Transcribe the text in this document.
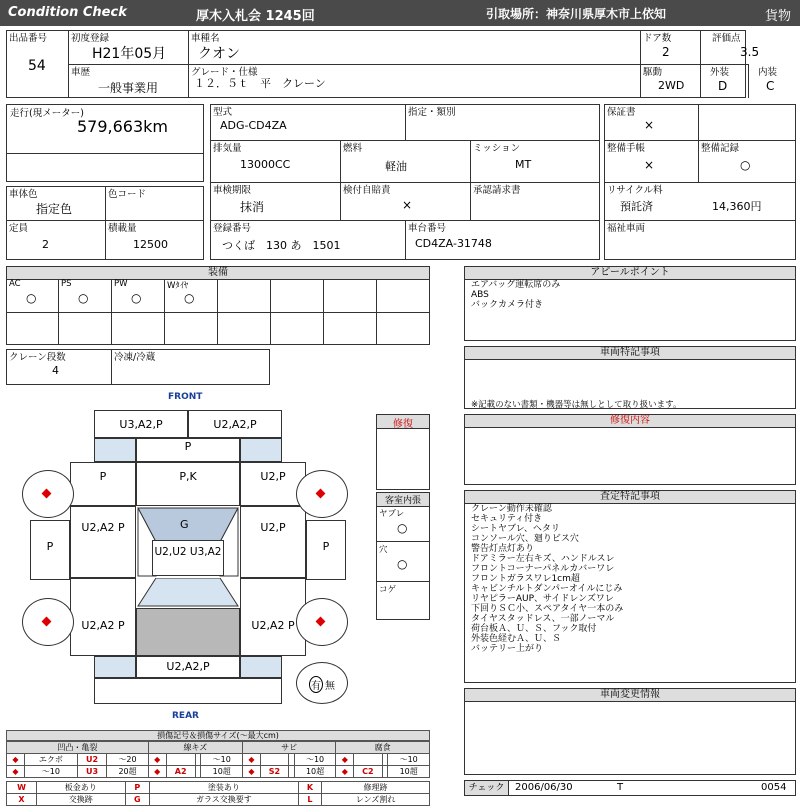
Condition Check	厚木入札会 1245回	引取場所：神奈川県厚木市上依知	貨物
出品番号
54
初度登録
H21年05月
車種名
クオン
ドア数
2
評価点
3.5
車歴
一般事業用
グレード・仕様
１２．５ｔ　平　クレーン
駆動
2WD
外装
D
内装
C
走行(現メーター)
579,663km
型式
ADG-CD4ZA
指定・類別
排気量
13000CC
燃料
軽油
ミッション
MT
車検期限
抹消
検付自賠責
×
承認請求書
登録番号
つくば　130 あ　1501
車台番号
CD4ZA-31748
保証書
×
整備手帳
×
整備記録
○
リサイクル料
預託済	14,360円
福祉車両
車体色
指定色
色コード
定員
2
積載量
12500
装備
AC
○
PS
○
PW
○
Wﾀｲﾔ
○
クレーン段数
4
冷凍/冷蔵
FRONT
REAR
U3,A2,P	U2,A2,P
P
P	P,K	U2,P
U2,A2 P	U2,P
G
U2,U2 U3,A2
P	P
U2,A2 P	U2,A2 P
U2,A2,P
有 無
修復
客室内張
ヤブレ
○
穴
○
コゲ
アピールポイント
エアバッグ運転席のみ
ABS
バックカメラ付き
車両特記事項
※記載のない書類・機器等は無しとして取り扱います。
修復内容
査定特記事項
クレーン動作未確認
セキュリティ付き
シートヤブレ、ヘタリ
コンソール穴、廻りビス穴
警告灯点灯あり
ドアミラー左右キズ、ハンドルスレ
フロントコーナーパネルカバーワレ
フロントガラスワレ1cm超
キャビンチルトダンパーオイルにじみ
リヤピラーAUP、サイドレンズワレ
下回りＳＣ小、スペアタイヤ一本のみ
タイヤスタッドレス、一部ノーマル
荷台板Ａ、Ｕ、Ｓ、フック取付
外装色経むＡ、Ｕ、Ｓ
バッテリー上がり
車両変更情報
チェック	2006/06/30	T	0054
損傷記号＆損傷サイズ(〜最大cm)
凹凸・亀裂				線キズ				サビ				腐食			
◆	エクボ	U2	〜20	◆			〜10	◆			〜10	◆			〜10
◆	〜10	U3	20超	◆	A2		10超	◆	S2		10超	◆	C2		10超
W	板金あり	P	塗装あり	K	修理跡
X	交換跡	G	ガラス交換要す	L	レンズ割れ
